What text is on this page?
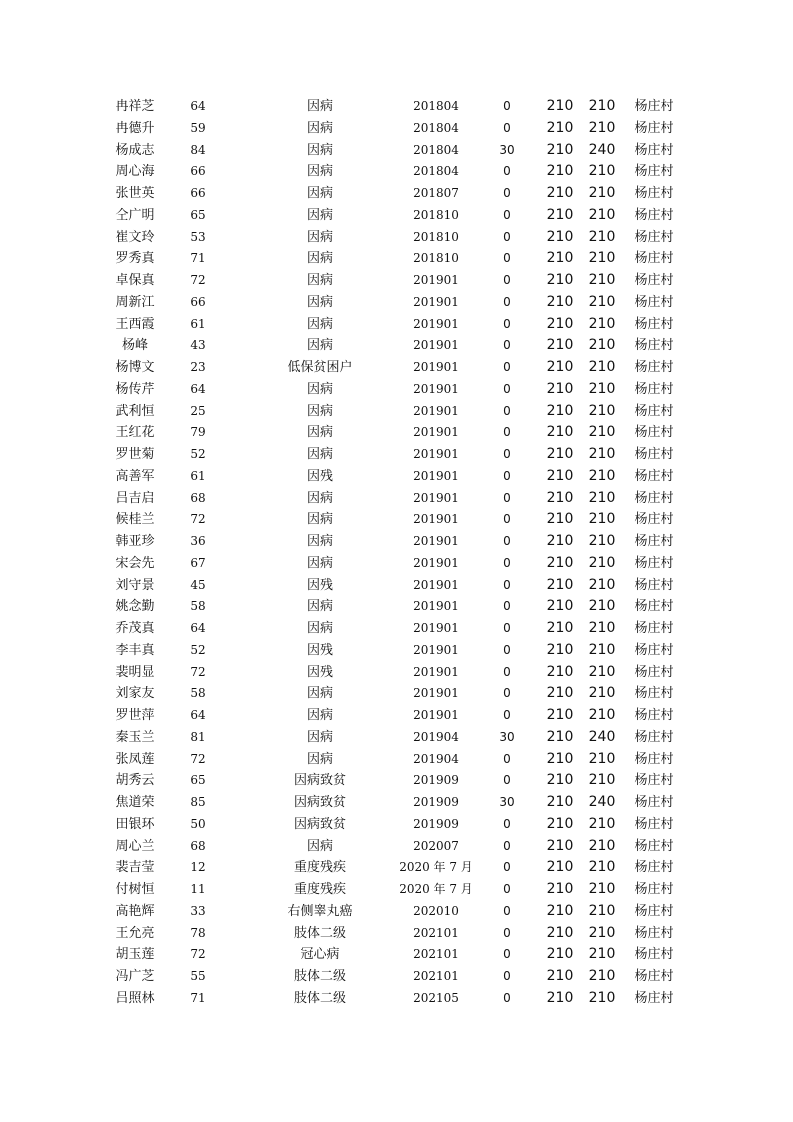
冉祥芝	64	因病	201804	0	210	210	杨庄村
冉德升	59	因病	201804	0	210	210	杨庄村
杨成志	84	因病	201804	30	210	240	杨庄村
周心海	66	因病	201804	0	210	210	杨庄村
张世英	66	因病	201807	0	210	210	杨庄村
仝广明	65	因病	201810	0	210	210	杨庄村
崔文玲	53	因病	201810	0	210	210	杨庄村
罗秀真	71	因病	201810	0	210	210	杨庄村
卓保真	72	因病	201901	0	210	210	杨庄村
周新江	66	因病	201901	0	210	210	杨庄村
王西霞	61	因病	201901	0	210	210	杨庄村
杨峰	43	因病	201901	0	210	210	杨庄村
杨博文	23	低保贫困户	201901	0	210	210	杨庄村
杨传芹	64	因病	201901	0	210	210	杨庄村
武利恒	25	因病	201901	0	210	210	杨庄村
王红花	79	因病	201901	0	210	210	杨庄村
罗世菊	52	因病	201901	0	210	210	杨庄村
高善军	61	因残	201901	0	210	210	杨庄村
吕吉启	68	因病	201901	0	210	210	杨庄村
候桂兰	72	因病	201901	0	210	210	杨庄村
韩亚珍	36	因病	201901	0	210	210	杨庄村
宋会先	67	因病	201901	0	210	210	杨庄村
刘守景	45	因残	201901	0	210	210	杨庄村
姚念勤	58	因病	201901	0	210	210	杨庄村
乔茂真	64	因病	201901	0	210	210	杨庄村
李丰真	52	因残	201901	0	210	210	杨庄村
裴明显	72	因残	201901	0	210	210	杨庄村
刘家友	58	因病	201901	0	210	210	杨庄村
罗世萍	64	因病	201901	0	210	210	杨庄村
秦玉兰	81	因病	201904	30	210	240	杨庄村
张凤莲	72	因病	201904	0	210	210	杨庄村
胡秀云	65	因病致贫	201909	0	210	210	杨庄村
焦道荣	85	因病致贫	201909	30	210	240	杨庄村
田银环	50	因病致贫	201909	0	210	210	杨庄村
周心兰	68	因病	202007	0	210	210	杨庄村
裴吉莹	12	重度残疾	2020 年 7 月	0	210	210	杨庄村
付树恒	11	重度残疾	2020 年 7 月	0	210	210	杨庄村
高艳辉	33	右侧睾丸癌	202010	0	210	210	杨庄村
王允亮	78	肢体二级	202101	0	210	210	杨庄村
胡玉莲	72	冠心病	202101	0	210	210	杨庄村
冯广芝	55	肢体二级	202101	0	210	210	杨庄村
吕照林	71	肢体二级	202105	0	210	210	杨庄村
